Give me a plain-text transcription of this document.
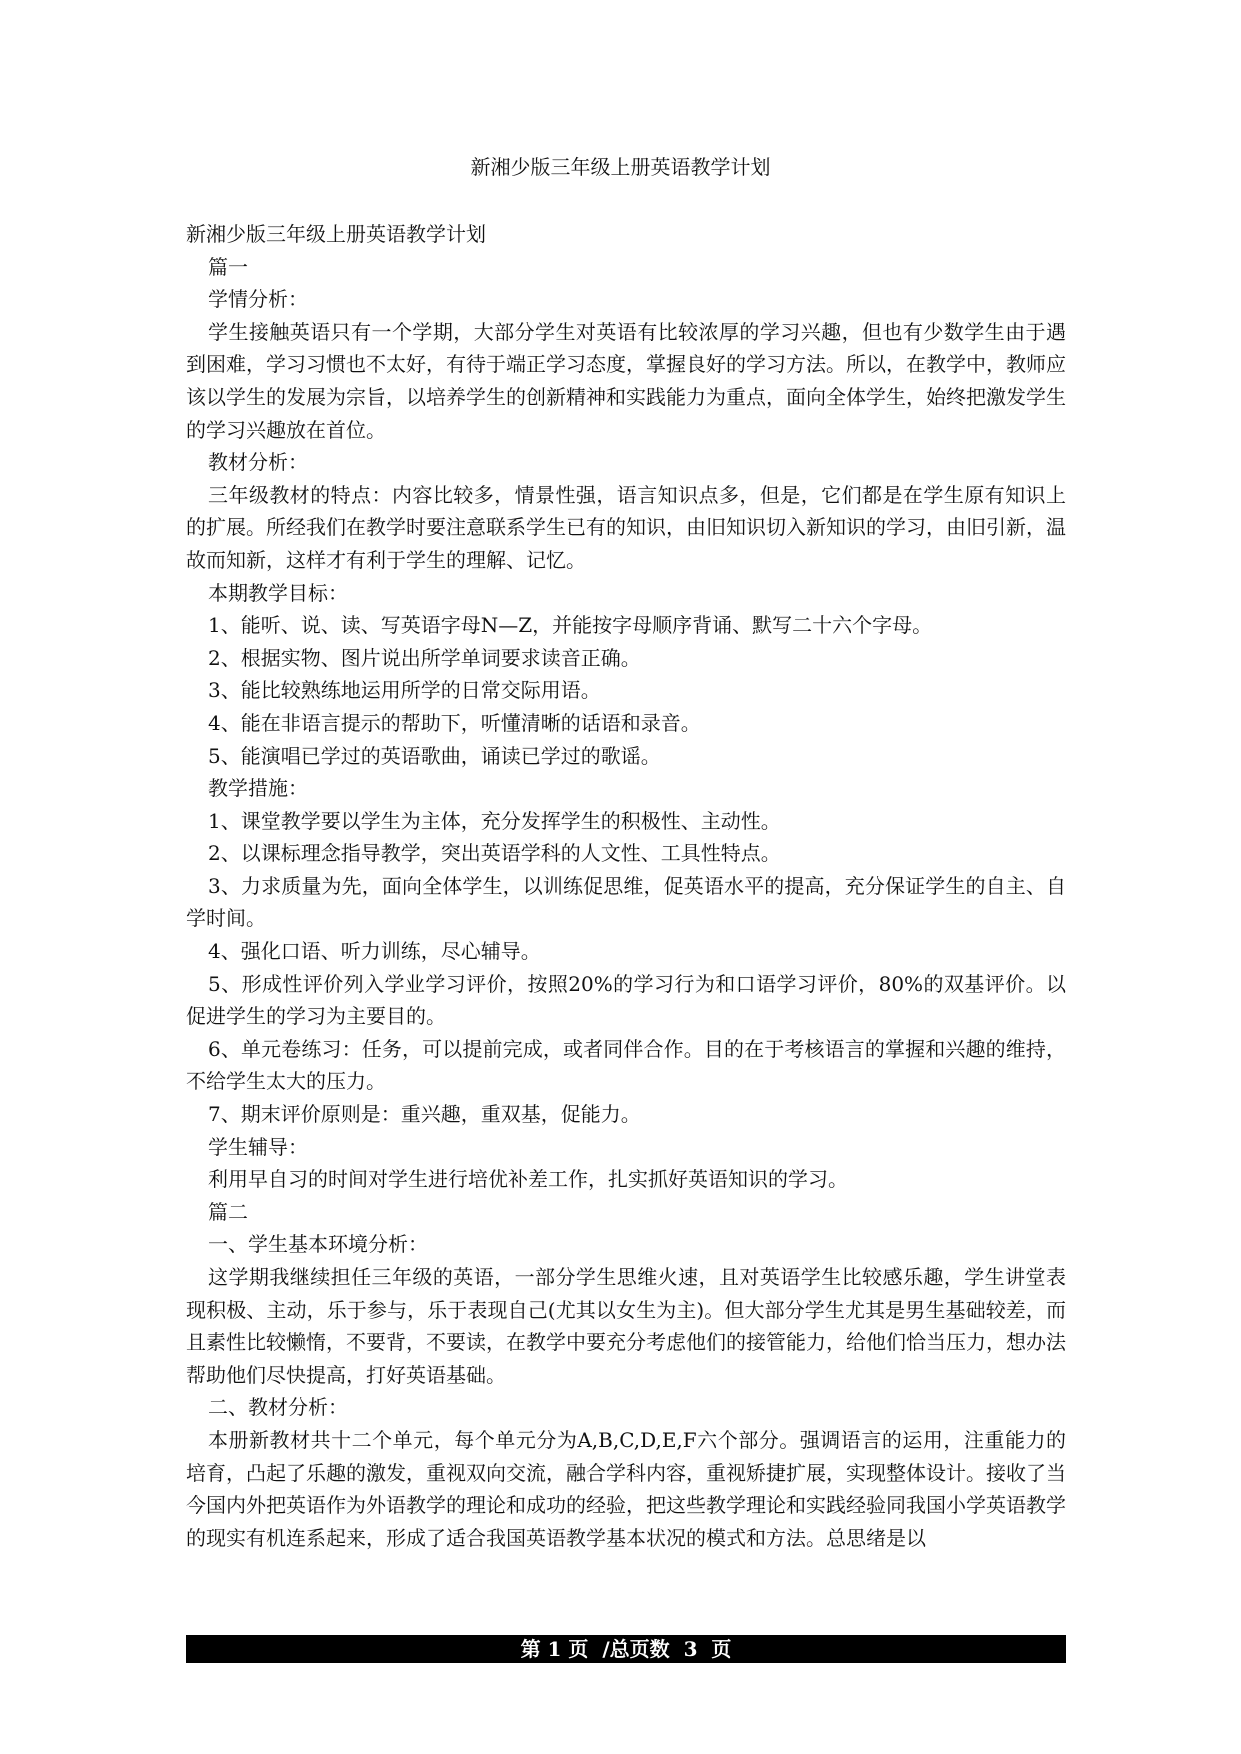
新湘少版三年级上册英语教学计划

新湘少版三年级上册英语教学计划

篇一

学情分析：

学生接触英语只有一个学期，大部分学生对英语有比较浓厚的学习兴趣，但也有少数学生由于遇到困难，学习习惯也不太好，有待于端正学习态度，掌握良好的学习方法。所以，在教学中，教师应该以学生的发展为宗旨，以培养学生的创新精神和实践能力为重点，面向全体学生，始终把激发学生的学习兴趣放在首位。

教材分析：

三年级教材的特点：内容比较多，情景性强，语言知识点多，但是，它们都是在学生原有知识上的扩展。所经我们在教学时要注意联系学生已有的知识，由旧知识切入新知识的学习，由旧引新，温故而知新，这样才有利于学生的理解、记忆。

本期教学目标：

1、能听、说、读、写英语字母N—Z，并能按字母顺序背诵、默写二十六个字母。

2、根据实物、图片说出所学单词要求读音正确。

3、能比较熟练地运用所学的日常交际用语。

4、能在非语言提示的帮助下，听懂清晰的话语和录音。

5、能演唱已学过的英语歌曲，诵读已学过的歌谣。

教学措施：

1、课堂教学要以学生为主体，充分发挥学生的积极性、主动性。

2、以课标理念指导教学，突出英语学科的人文性、工具性特点。

3、力求质量为先，面向全体学生，以训练促思维，促英语水平的提高，充分保证学生的自主、自学时间。

4、强化口语、听力训练，尽心辅导。

5、形成性评价列入学业学习评价，按照20%的学习行为和口语学习评价，80%的双基评价。以促进学生的学习为主要目的。

6、单元卷练习：任务，可以提前完成，或者同伴合作。目的在于考核语言的掌握和兴趣的维持，不给学生太大的压力。

7、期末评价原则是：重兴趣，重双基，促能力。

学生辅导：

利用早自习的时间对学生进行培优补差工作，扎实抓好英语知识的学习。

篇二

一、学生基本环境分析：

这学期我继续担任三年级的英语，一部分学生思维火速，且对英语学生比较感乐趣，学生讲堂表现积极、主动，乐于参与，乐于表现自己(尤其以女生为主)。但大部分学生尤其是男生基础较差，而且素性比较懒惰，不要背，不要读，在教学中要充分考虑他们的接管能力，给他们恰当压力，想办法帮助他们尽快提高，打好英语基础。

二、教材分析：

本册新教材共十二个单元，每个单元分为A,B,C,D,E,F六个部分。强调语言的运用，注重能力的培育，凸起了乐趣的激发，重视双向交流，融合学科内容，重视矫捷扩展，实现整体设计。接收了当今国内外把英语作为外语教学的理论和成功的经验，把这些教学理论和实践经验同我国小学英语教学的现实有机连系起来，形成了适合我国英语教学基本状况的模式和方法。总思绪是以

第 1 页  /总页数  3  页
